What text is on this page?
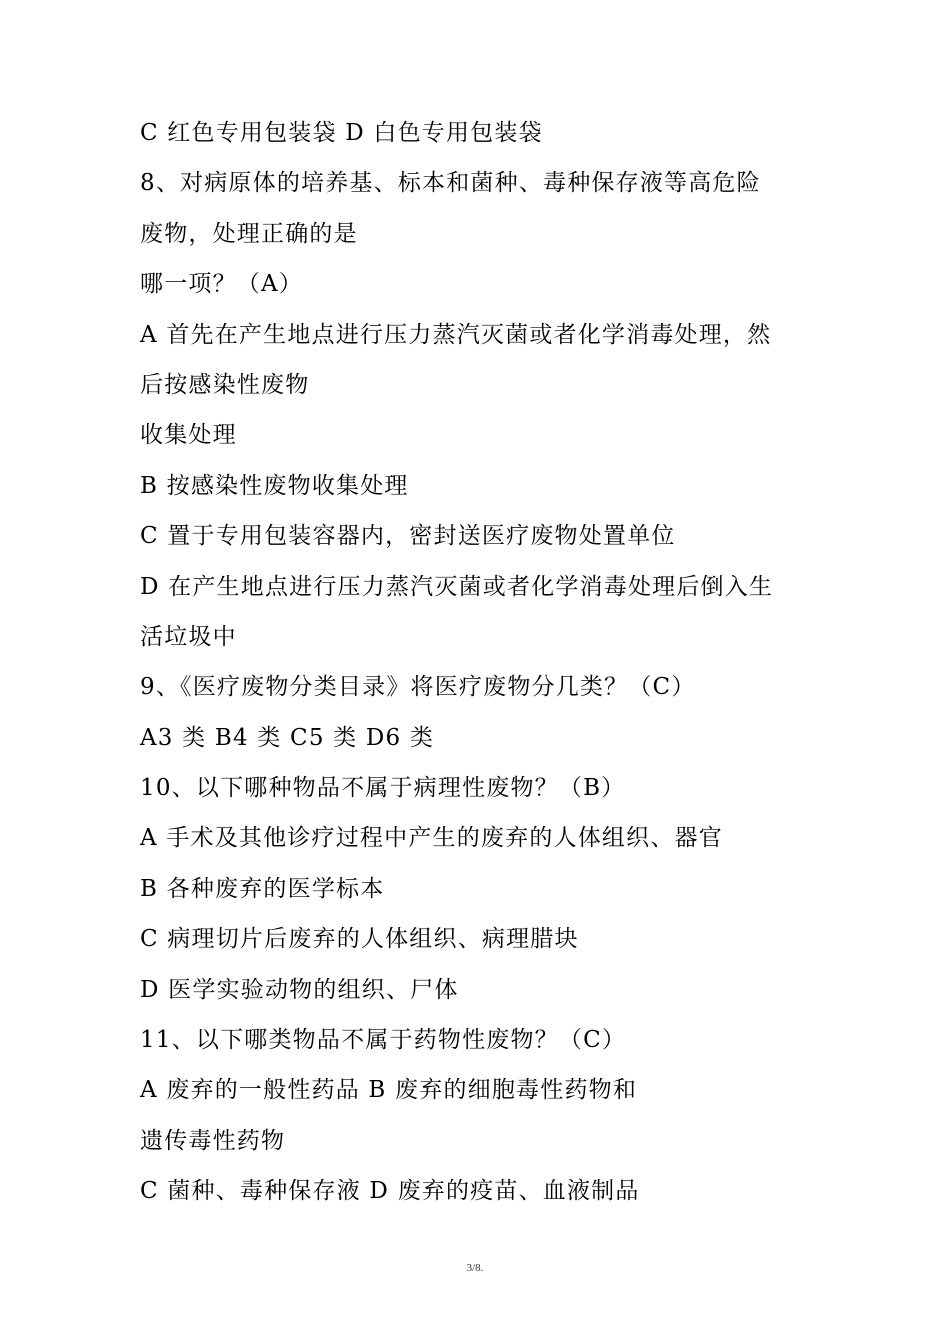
C 红色专用包装袋 D 白色专用包装袋
8、对病原体的培养基、标本和菌种、毒种保存液等高危险
废物，处理正确的是
哪一项？（A）
A 首先在产生地点进行压力蒸汽灭菌或者化学消毒处理，然
后按感染性废物
收集处理
B 按感染性废物收集处理
C 置于专用包装容器内，密封送医疗废物处置单位
D 在产生地点进行压力蒸汽灭菌或者化学消毒处理后倒入生
活垃圾中
9、《医疗废物分类目录》将医疗废物分几类？（C）
A3 类 B4 类 C5 类 D6 类
10、以下哪种物品不属于病理性废物？（B）
A 手术及其他诊疗过程中产生的废弃的人体组织、器官
B 各种废弃的医学标本
C 病理切片后废弃的人体组织、病理腊块
D 医学实验动物的组织、尸体
11、以下哪类物品不属于药物性废物？（C）
A 废弃的一般性药品 B 废弃的细胞毒性药物和
遗传毒性药物
C 菌种、毒种保存液 D 废弃的疫苗、血液制品
3/8.
